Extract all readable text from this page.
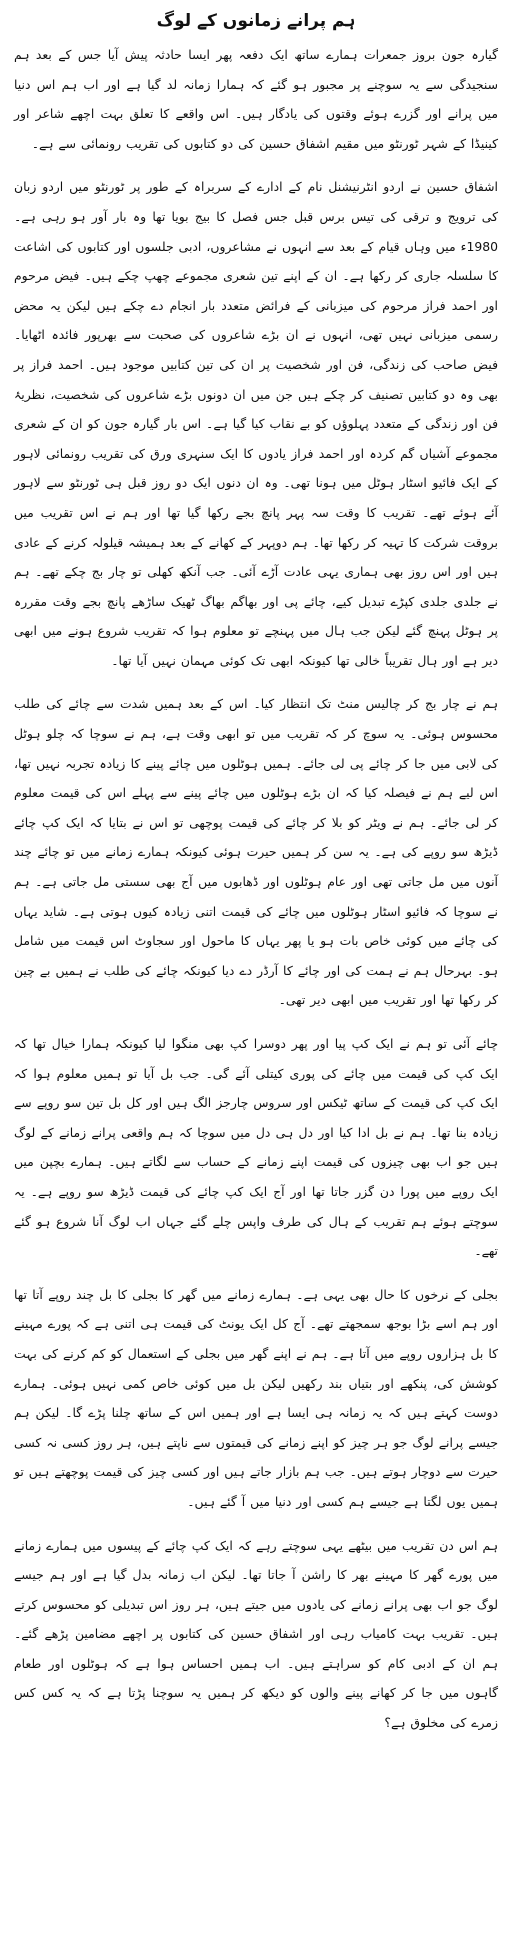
ہم پرانے زمانوں کے لوگ

گیارہ جون بروز جمعرات ہمارے ساتھ ایک دفعہ پھر ایسا حادثہ پیش آیا جس کے بعد ہم سنجیدگی سے یہ سوچنے پر مجبور ہو گئے کہ ہمارا زمانہ لد گیا ہے اور اب ہم اس دنیا میں پرانے اور گزرے ہوئے وقتوں کی یادگار ہیں۔ اس واقعے کا تعلق بہت اچھے شاعر اور کینیڈا کے شہر ٹورنٹو میں مقیم اشفاق حسین کی دو کتابوں کی تقریب رونمائی سے ہے۔

اشفاق حسین نے اردو انٹرنیشنل نام کے ادارے کے سربراہ کے طور پر ٹورنٹو میں اردو زبان کی ترویج و ترقی کی تیس برس قبل جس فصل کا بیج بویا تھا وہ بار آور ہو رہی ہے۔ 1980ء میں وہاں قیام کے بعد سے انہوں نے مشاعروں، ادبی جلسوں اور کتابوں کی اشاعت کا سلسلہ جاری کر رکھا ہے۔ ان کے اپنے تین شعری مجموعے چھپ چکے ہیں۔ فیض مرحوم اور احمد فراز مرحوم کی میزبانی کے فرائض متعدد بار انجام دے چکے ہیں لیکن یہ محض رسمی میزبانی نہیں تھی، انہوں نے ان بڑے شاعروں کی صحبت سے بھرپور فائدہ اٹھایا۔ فیض صاحب کی زندگی، فن اور شخصیت پر ان کی تین کتابیں موجود ہیں۔ احمد فراز پر بھی وہ دو کتابیں تصنیف کر چکے ہیں جن میں ان دونوں بڑے شاعروں کی شخصیت، نظریۂ فن اور زندگی کے متعدد پہلوؤں کو بے نقاب کیا گیا ہے۔ اس بار گیارہ جون کو ان کے شعری مجموعے آشیاں گم کردہ اور احمد فراز یادوں کا ایک سنہری ورق کی تقریب رونمائی لاہور کے ایک فائیو اسٹار ہوٹل میں ہونا تھی۔ وہ ان دنوں ایک دو روز قبل ہی ٹورنٹو سے لاہور آئے ہوئے تھے۔ تقریب کا وقت سہ پہر پانچ بجے رکھا گیا تھا اور ہم نے اس تقریب میں بروقت شرکت کا تہیہ کر رکھا تھا۔ ہم دوپہر کے کھانے کے بعد ہمیشہ قیلولہ کرنے کے عادی ہیں اور اس روز بھی ہماری یہی عادت آڑے آئی۔ جب آنکھ کھلی تو چار بج چکے تھے۔ ہم نے جلدی جلدی کپڑے تبدیل کیے، چائے پی اور بھاگم بھاگ ٹھیک ساڑھے پانچ بجے وقت مقررہ پر ہوٹل پہنچ گئے لیکن جب ہال میں پہنچے تو معلوم ہوا کہ تقریب شروع ہونے میں ابھی دیر ہے اور ہال تقریباً خالی تھا کیونکہ ابھی تک کوئی مہمان نہیں آیا تھا۔

ہم نے چار بج کر چالیس منٹ تک انتظار کیا۔ اس کے بعد ہمیں شدت سے چائے کی طلب محسوس ہوئی۔ یہ سوچ کر کہ تقریب میں تو ابھی وقت ہے، ہم نے سوچا کہ چلو ہوٹل کی لابی میں جا کر چائے پی لی جائے۔ ہمیں ہوٹلوں میں چائے پینے کا زیادہ تجربہ نہیں تھا، اس لیے ہم نے فیصلہ کیا کہ ان بڑے ہوٹلوں میں چائے پینے سے پہلے اس کی قیمت معلوم کر لی جائے۔ ہم نے ویٹر کو بلا کر چائے کی قیمت پوچھی تو اس نے بتایا کہ ایک کپ چائے ڈیڑھ سو روپے کی ہے۔ یہ سن کر ہمیں حیرت ہوئی کیونکہ ہمارے زمانے میں تو چائے چند آنوں میں مل جاتی تھی اور عام ہوٹلوں اور ڈھابوں میں آج بھی سستی مل جاتی ہے۔ ہم نے سوچا کہ فائیو اسٹار ہوٹلوں میں چائے کی قیمت اتنی زیادہ کیوں ہوتی ہے۔ شاید یہاں کی چائے میں کوئی خاص بات ہو یا پھر یہاں کا ماحول اور سجاوٹ اس قیمت میں شامل ہو۔ بہرحال ہم نے ہمت کی اور چائے کا آرڈر دے دیا کیونکہ چائے کی طلب نے ہمیں بے چین کر رکھا تھا اور تقریب میں ابھی دیر تھی۔

چائے آئی تو ہم نے ایک کپ پیا اور پھر دوسرا کپ بھی منگوا لیا کیونکہ ہمارا خیال تھا کہ ایک کپ کی قیمت میں چائے کی پوری کیتلی آئے گی۔ جب بل آیا تو ہمیں معلوم ہوا کہ ایک کپ کی قیمت کے ساتھ ٹیکس اور سروس چارجز الگ ہیں اور کل بل تین سو روپے سے زیادہ بنا تھا۔ ہم نے بل ادا کیا اور دل ہی دل میں سوچا کہ ہم واقعی پرانے زمانے کے لوگ ہیں جو اب بھی چیزوں کی قیمت اپنے زمانے کے حساب سے لگاتے ہیں۔ ہمارے بچپن میں ایک روپے میں پورا دن گزر جاتا تھا اور آج ایک کپ چائے کی قیمت ڈیڑھ سو روپے ہے۔ یہ سوچتے ہوئے ہم تقریب کے ہال کی طرف واپس چلے گئے جہاں اب لوگ آنا شروع ہو گئے تھے۔

بجلی کے نرخوں کا حال بھی یہی ہے۔ ہمارے زمانے میں گھر کا بجلی کا بل چند روپے آتا تھا اور ہم اسے بڑا بوجھ سمجھتے تھے۔ آج کل ایک یونٹ کی قیمت ہی اتنی ہے کہ پورے مہینے کا بل ہزاروں روپے میں آتا ہے۔ ہم نے اپنے گھر میں بجلی کے استعمال کو کم کرنے کی بہت کوشش کی، پنکھے اور بتیاں بند رکھیں لیکن بل میں کوئی خاص کمی نہیں ہوئی۔ ہمارے دوست کہتے ہیں کہ یہ زمانہ ہی ایسا ہے اور ہمیں اس کے ساتھ چلنا پڑے گا۔ لیکن ہم جیسے پرانے لوگ جو ہر چیز کو اپنے زمانے کی قیمتوں سے ناپتے ہیں، ہر روز کسی نہ کسی حیرت سے دوچار ہوتے ہیں۔ جب ہم بازار جاتے ہیں اور کسی چیز کی قیمت پوچھتے ہیں تو ہمیں یوں لگتا ہے جیسے ہم کسی اور دنیا میں آ گئے ہیں۔

ہم اس دن تقریب میں بیٹھے یہی سوچتے رہے کہ ایک کپ چائے کے پیسوں میں ہمارے زمانے میں پورے گھر کا مہینے بھر کا راشن آ جاتا تھا۔ لیکن اب زمانہ بدل گیا ہے اور ہم جیسے لوگ جو اب بھی پرانے زمانے کی یادوں میں جیتے ہیں، ہر روز اس تبدیلی کو محسوس کرتے ہیں۔ تقریب بہت کامیاب رہی اور اشفاق حسین کی کتابوں پر اچھے مضامین پڑھے گئے۔ ہم ان کے ادبی کام کو سراہتے ہیں۔ اب ہمیں احساس ہوا ہے کہ ہوٹلوں اور طعام گاہوں میں جا کر کھانے پینے والوں کو دیکھ کر ہمیں یہ سوچنا پڑتا ہے کہ یہ کس کس زمرے کی مخلوق ہے؟
